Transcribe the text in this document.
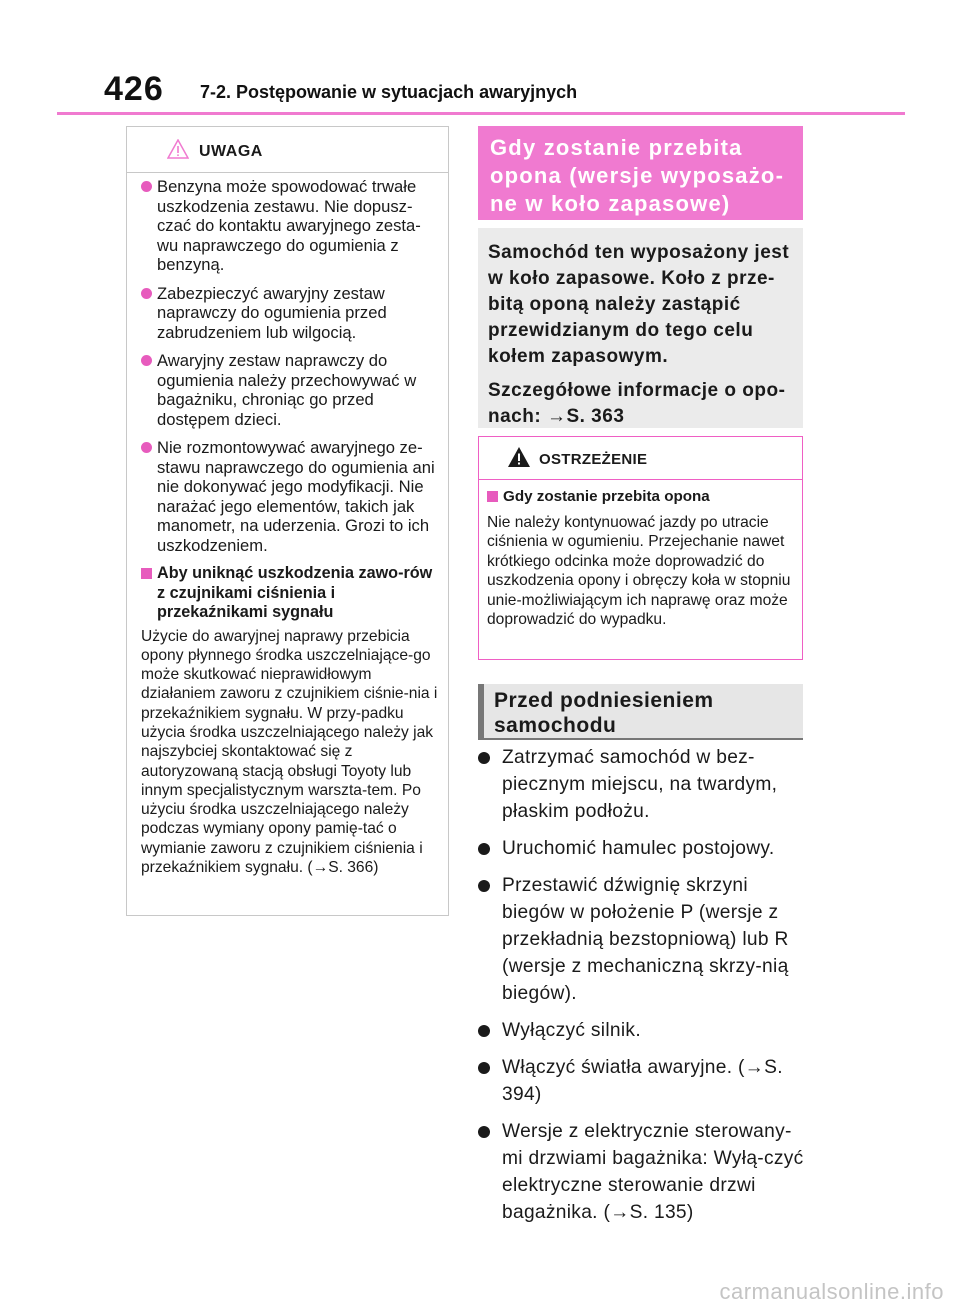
426 7-2. Postępowanie w sytuacjach awaryjnych
UWAGA
Benzyna może spowodować trwałe uszkodzenia zestawu. Nie dopusz-czać do kontaktu awaryjnego zesta-wu naprawczego do ogumienia z benzyną.
Zabezpieczyć awaryjny zestaw naprawczy do ogumienia przed zabrudzeniem lub wilgocią.
Awaryjny zestaw naprawczy do ogumienia należy przechowywać w bagażniku, chroniąc go przed dostępem dzieci.
Nie rozmontowywać awaryjnego ze-stawu naprawczego do ogumienia ani nie dokonywać jego modyfikacji. Nie narażać jego elementów, takich jak manometr, na uderzenia. Grozi to ich uszkodzeniem.
Aby uniknąć uszkodzenia zawo-rów z czujnikami ciśnienia i przekaźnikami sygnału
Użycie do awaryjnej naprawy przebicia opony płynnego środka uszczelniające-go może skutkować nieprawidłowym działaniem zaworu z czujnikiem ciśnie-nia i przekaźnikiem sygnału. W przy-padku użycia środka uszczelniającego należy jak najszybciej skontaktować się z autoryzowaną stacją obsługi Toyoty lub innym specjalistycznym warszta-tem. Po użyciu środka uszczelniającego należy podczas wymiany opony pamię-tać o wymianie zaworu z czujnikiem ciśnienia i przekaźnikiem sygnału. (→S. 366)
Gdy zostanie przebita opona (wersje wyposażo-ne w koło zapasowe)
Samochód ten wyposażony jest w koło zapasowe. Koło z prze-bitą oponą należy zastąpić przewidzianym do tego celu kołem zapasowym.
Szczegółowe informacje o opo-nach: →S. 363
OSTRZEŻENIE
Gdy zostanie przebita opona
Nie należy kontynuować jazdy po utracie ciśnienia w ogumieniu. Przejechanie nawet krótkiego odcinka może doprowadzić do uszkodzenia opony i obręczy koła w stopniu unie-możliwiającym ich naprawę oraz może doprowadzić do wypadku.
Przed podniesieniem samochodu
Zatrzymać samochód w bez-piecznym miejscu, na twardym, płaskim podłożu.
Uruchomić hamulec postojowy.
Przestawić dźwignię skrzyni biegów w położenie P (wersje z przekładnią bezstopniową) lub R (wersje z mechaniczną skrzy-nią biegów).
Wyłączyć silnik.
Włączyć światła awaryjne. (→S. 394)
Wersje z elektrycznie sterowany-mi drzwiami bagażnika: Wyłą-czyć elektryczne sterowanie drzwi bagażnika. (→S. 135)
carmanualsonline.info
